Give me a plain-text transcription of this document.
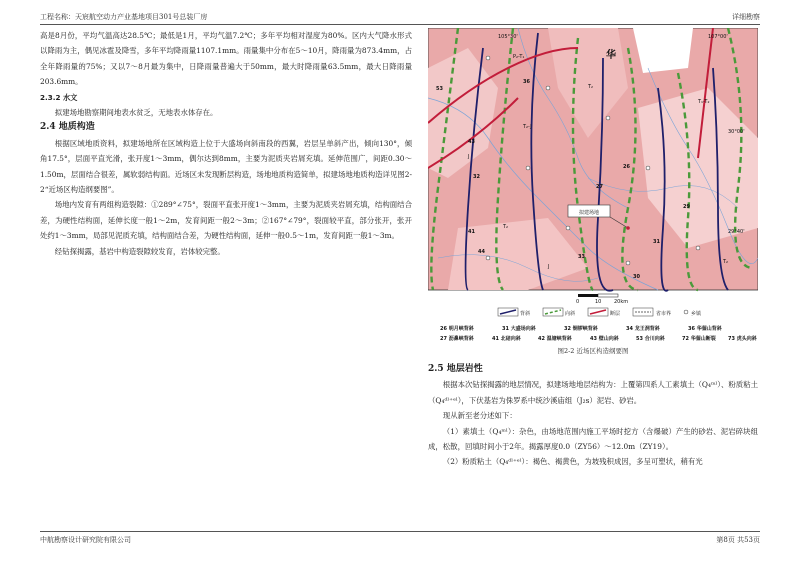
工程名称：天宸航空动力产业基地项目301号总装厂房	详细勘察

高是8月份，平均气温高达28.5℃；最低是1月，平均气温7.2℃；多年平均相对湿度为80%。区内大气降水形式以降雨为主，偶见冰雹及降雪，多年平均降雨量1107.1mm。雨量集中分布在5～10月，降雨量为873.4mm，占全年降雨量的75%；又以7～8月最为集中，日降雨量普遍大于50mm，最大时降雨量63.5mm，最大日降雨量203.6mm。

2.3.2 水文

拟建场地勘察期间地表水贫乏，无地表水体存在。

2.4 地质构造

根据区域地质资料，拟建场地所在区域构造上位于大盛场向斜南段的西翼，岩层呈单斜产出，倾向130°，倾角17.5°，层面平直光滑，张开度1～3mm，偶尔达到8mm，主要为泥质夹岩屑充填。延伸范围广，间距0.30～1.50m，层面结合很差，属软弱结构面。近场区未发现断层构造，场地地质构造简单，拟建场地地质构造详见图2-2“近场区构造纲要图”。

场地内发育有两组构造裂隙：①289°∠75°，裂面平直张开度1～3mm，主要为泥质夹岩屑充填，结构面结合差，为硬性结构面，延伸长度一般1～2m，发育间距一般2～3m；②167°∠79°，裂面较平直，部分张开，张开处约1～3mm，局部见泥质充填，结构面结合差，为硬性结构面，延伸一般0.5～1m，发育间距一般1～3m。

经钻探揭露，基岩中构造裂隙较发育，岩体较完整。

拟建场地
105°30'	107°00'
30°00'
29°40'
华
P₂-T₁
T₂-J
T₁-T₂
J
T₂
T₂
J
T₂
53
43
36
32
26
41
44
27
29
31
33
30
0	10	20km
背斜	向斜	断层	省市界	乡镇
26 明月峡背斜	31 大盛场向斜	32 铜锣峡背斜	34 龙王洞背斜	36 华蓥山背斜
27 沥鼻峡背斜	41 北碚向斜	42 温塘峡背斜	43 壁山向斜	53 合川向斜	72 华蓥山断裂 73 虎头向斜
图2-2 近场区构造纲要图

2.5 地层岩性

根据本次钻探揭露的地层情况，拟建场地地层结构为：上覆第四系人工素填土（Q₄ᵐˡ）、粉质粘土（Q₄ᵈˡ⁺ᵉˡ），下伏基岩为侏罗系中统沙溪庙组（J₂s）泥岩、砂岩。

现从新至老分述如下：

（1）素填土（Q₄ᵐˡ）：杂色，由场地范围内施工平场时挖方（含爆破）产生的砂岩、泥岩碎块组成，松散，回填时间小于2年。揭露厚度0.0（ZY56）～12.0m（ZY19）。

（2）粉质粘土（Q₄ᵈˡ⁺ᵉˡ）：褐色、褐黄色，为坡残积成因，多呈可塑状，稍有光

中航勘察设计研究院有限公司	第8页 共53页
